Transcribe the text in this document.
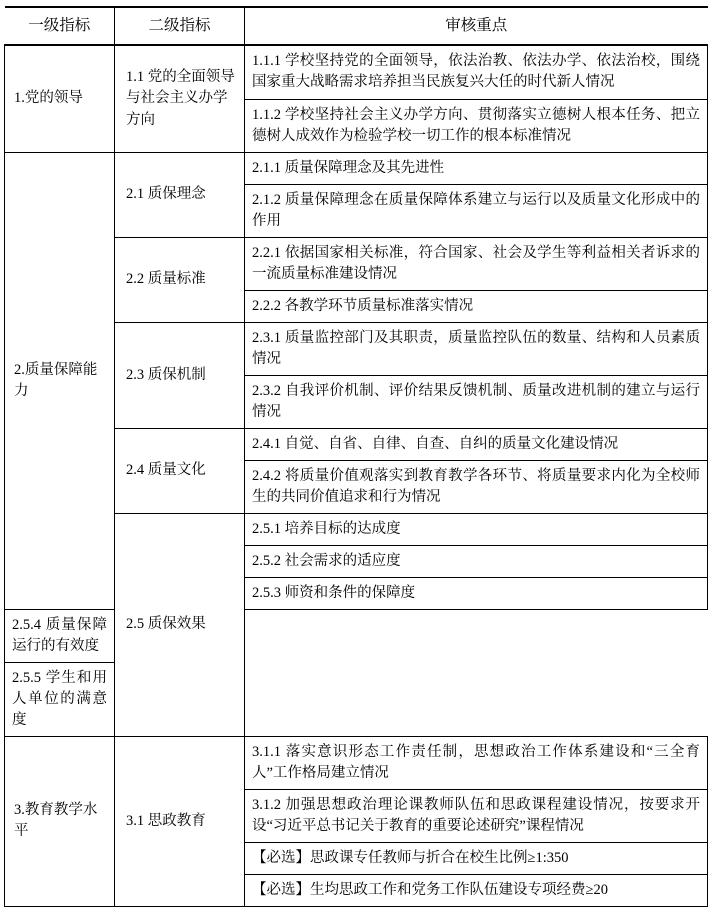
一级指标	二级指标	审核重点
1.党的领导	1.1 党的全面领导与社会主义办学方向	1.1.1 学校坚持党的全面领导，依法治教、依法办学、依法治校，围绕国家重大战略需求培养担当民族复兴大任的时代新人情况
		1.1.2 学校坚持社会主义办学方向、贯彻落实立德树人根本任务、把立德树人成效作为检验学校一切工作的根本标准情况
2.质量保障能力	2.1 质保理念	2.1.1 质量保障理念及其先进性
		2.1.2 质量保障理念在质量保障体系建立与运行以及质量文化形成中的作用
	2.2 质量标准	2.2.1 依据国家相关标准，符合国家、社会及学生等利益相关者诉求的一流质量标准建设情况
		2.2.2 各教学环节质量标准落实情况
	2.3 质保机制	2.3.1 质量监控部门及其职责，质量监控队伍的数量、结构和人员素质情况
		2.3.2 自我评价机制、评价结果反馈机制、质量改进机制的建立与运行情况
	2.4 质量文化	2.4.1 自觉、自省、自律、自查、自纠的质量文化建设情况
		2.4.2 将质量价值观落实到教育教学各环节、将质量要求内化为全校师生的共同价值追求和行为情况
	2.5 质保效果	2.5.1 培养目标的达成度
		2.5.2 社会需求的适应度
		2.5.3 师资和条件的保障度
2.5.4 质量保障运行的有效度		
2.5.5 学生和用人单位的满意度		
3.教育教学水平	3.1 思政教育	3.1.1 落实意识形态工作责任制，思想政治工作体系建设和“三全育人”工作格局建立情况
		3.1.2 加强思想政治理论课教师队伍和思政课程建设情况，按要求开设“习近平总书记关于教育的重要论述研究”课程情况
		【必选】思政课专任教师与折合在校生比例≥1:350
		【必选】生均思政工作和党务工作队伍建设专项经费≥20
